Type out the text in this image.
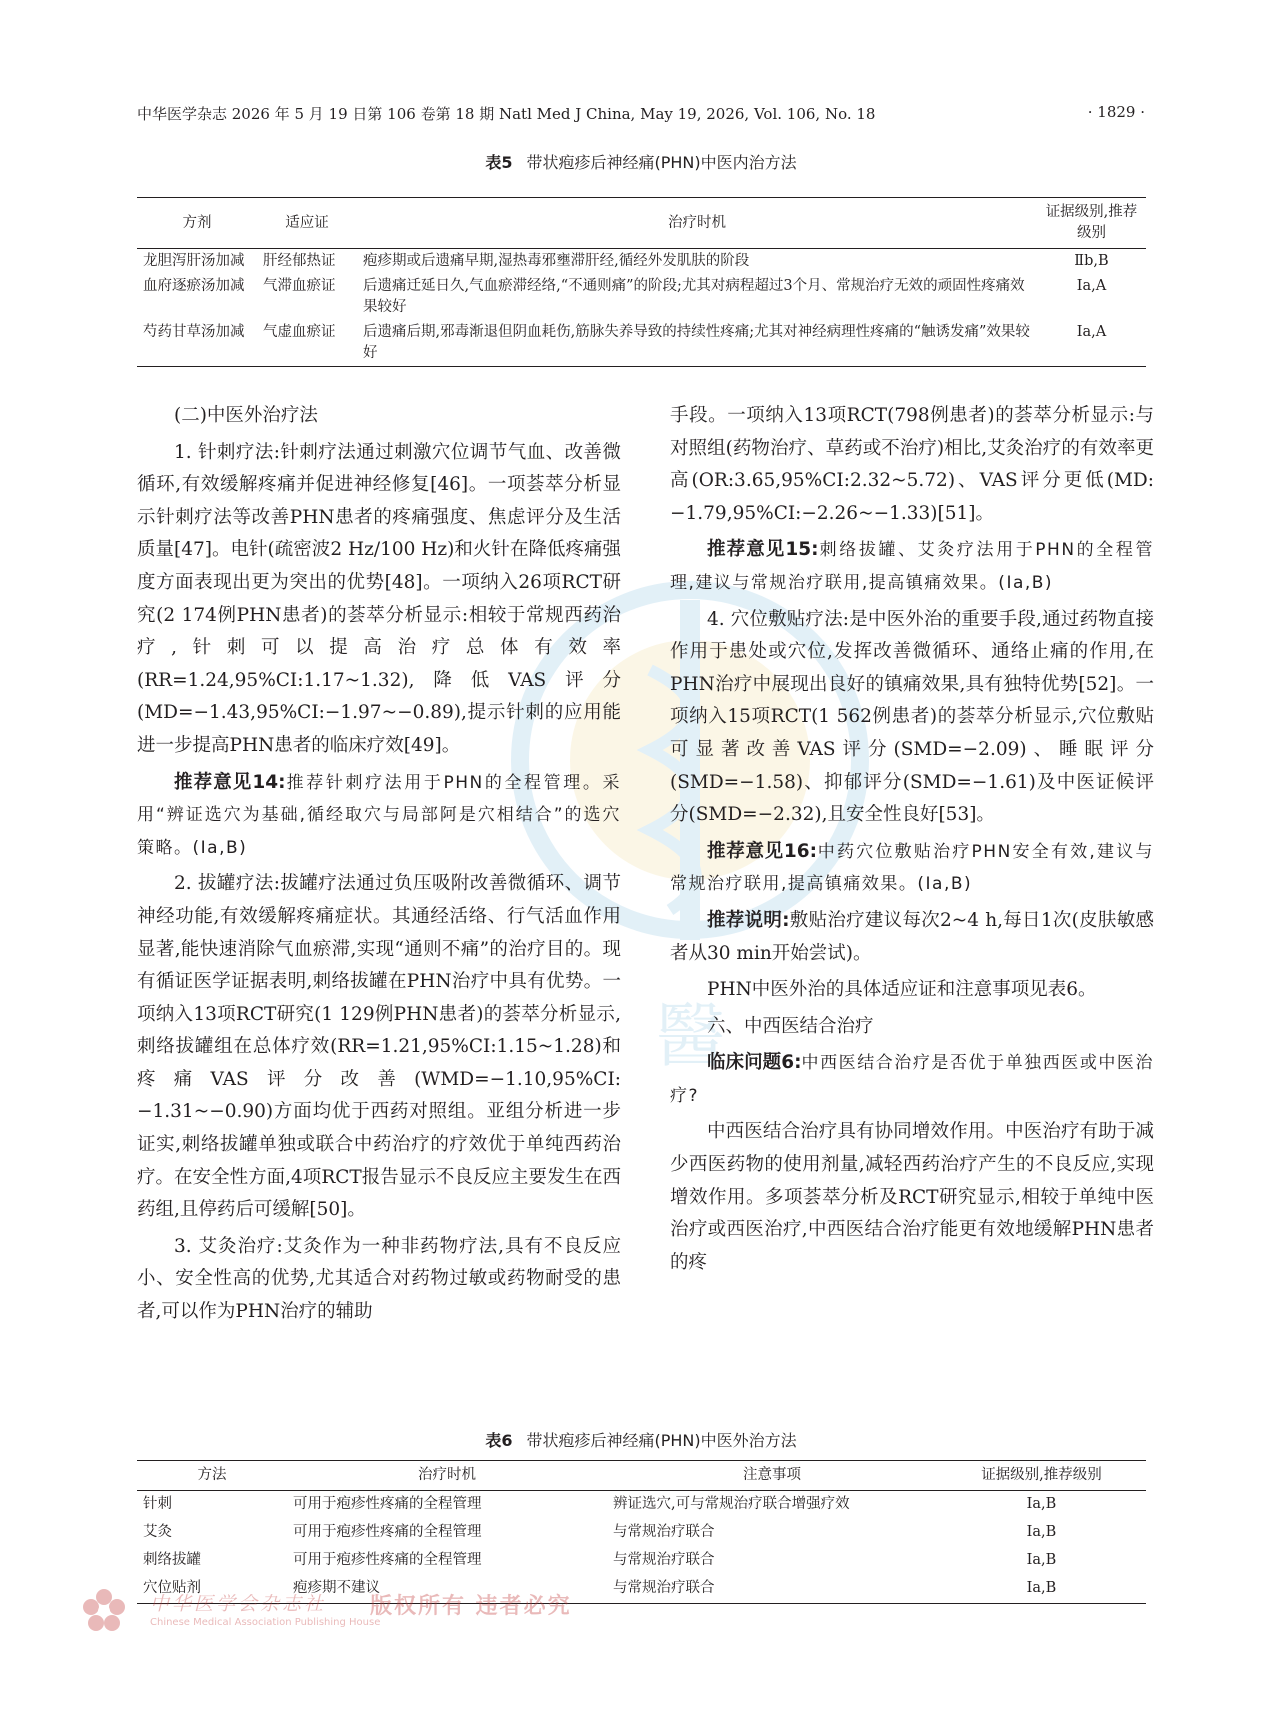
中华医学杂志 2026 年 5 月 19 日第 106 卷第 18 期 Natl Med J China, May 19, 2026, Vol. 106, No. 18	· 1829 ·
醫
表5 带状疱疹后神经痛(PHN)中医内治方法
方剂	适应证	治疗时机	证据级别,推荐级别
龙胆泻肝汤加减	肝经郁热证	疱疹期或后遗痛早期,湿热毒邪壅滞肝经,循经外发肌肤的阶段	Ⅱb,B
血府逐瘀汤加减	气滞血瘀证	后遗痛迁延日久,气血瘀滞经络,“不通则痛”的阶段;尤其对病程超过3个月、常规治疗无效的顽固性疼痛效果较好	Ⅰa,A
芍药甘草汤加减	气虚血瘀证	后遗痛后期,邪毒渐退但阴血耗伤,筋脉失养导致的持续性疼痛;尤其对神经病理性疼痛的“触诱发痛”效果较好	Ⅰa,A

(二)中医外治疗法

1. 针刺疗法:针刺疗法通过刺激穴位调节气血、改善微循环,有效缓解疼痛并促进神经修复[46]。一项荟萃分析显示针刺疗法等改善PHN患者的疼痛强度、焦虑评分及生活质量[47]。电针(疏密波2 Hz/100 Hz)和火针在降低疼痛强度方面表现出更为突出的优势[48]。一项纳入26项RCT研究(2 174例PHN患者)的荟萃分析显示:相较于常规西药治疗,针刺可以提高治疗总体有效率(RR=1.24,95%CI:1.17~1.32),降低VAS评分(MD=−1.43,95%CI:−1.97~−0.89),提示针刺的应用能进一步提高PHN患者的临床疗效[49]。

推荐意见14:推荐针刺疗法用于PHN的全程管理。采用“辨证选穴为基础,循经取穴与局部阿是穴相结合”的选穴策略。(Ⅰa,B)

2. 拔罐疗法:拔罐疗法通过负压吸附改善微循环、调节神经功能,有效缓解疼痛症状。其通经活络、行气活血作用显著,能快速消除气血瘀滞,实现“通则不痛”的治疗目的。现有循证医学证据表明,刺络拔罐在PHN治疗中具有优势。一项纳入13项RCT研究(1 129例PHN患者)的荟萃分析显示,刺络拔罐组在总体疗效(RR=1.21,95%CI:1.15~1.28)和疼痛VAS评分改善(WMD=−1.10,95%CI:−1.31~−0.90)方面均优于西药对照组。亚组分析进一步证实,刺络拔罐单独或联合中药治疗的疗效优于单纯西药治疗。在安全性方面,4项RCT报告显示不良反应主要发生在西药组,且停药后可缓解[50]。

3. 艾灸治疗:艾灸作为一种非药物疗法,具有不良反应小、安全性高的优势,尤其适合对药物过敏或药物耐受的患者,可以作为PHN治疗的辅助

手段。一项纳入13项RCT(798例患者)的荟萃分析显示:与对照组(药物治疗、草药或不治疗)相比,艾灸治疗的有效率更高(OR:3.65,95%CI:2.32~5.72)、VAS评分更低(MD:−1.79,95%CI:−2.26~−1.33)[51]。

推荐意见15:刺络拔罐、艾灸疗法用于PHN的全程管理,建议与常规治疗联用,提高镇痛效果。(Ⅰa,B)

4. 穴位敷贴疗法:是中医外治的重要手段,通过药物直接作用于患处或穴位,发挥改善微循环、通络止痛的作用,在PHN治疗中展现出良好的镇痛效果,具有独特优势[52]。一项纳入15项RCT(1 562例患者)的荟萃分析显示,穴位敷贴可显著改善VAS评分(SMD=−2.09)、睡眠评分(SMD=−1.58)、抑郁评分(SMD=−1.61)及中医证候评分(SMD=−2.32),且安全性良好[53]。

推荐意见16:中药穴位敷贴治疗PHN安全有效,建议与常规治疗联用,提高镇痛效果。(Ⅰa,B)

推荐说明:敷贴治疗建议每次2~4 h,每日1次(皮肤敏感者从30 min开始尝试)。

PHN中医外治的具体适应证和注意事项见表6。

六、中西医结合治疗

临床问题6:中西医结合治疗是否优于单独西医或中医治疗?

中西医结合治疗具有协同增效作用。中医治疗有助于减少西医药物的使用剂量,减轻西药治疗产生的不良反应,实现增效作用。多项荟萃分析及RCT研究显示,相较于单纯中医治疗或西医治疗,中西医结合治疗能更有效地缓解PHN患者的疼

表6 带状疱疹后神经痛(PHN)中医外治方法
方法	治疗时机	注意事项	证据级别,推荐级别
针刺	可用于疱疹性疼痛的全程管理	辨证选穴,可与常规治疗联合增强疗效	Ⅰa,B
艾灸	可用于疱疹性疼痛的全程管理	与常规治疗联合	Ⅰa,B
刺络拔罐	可用于疱疹性疼痛的全程管理	与常规治疗联合	Ⅰa,B
穴位贴剂	疱疹期不建议	与常规治疗联合	Ⅰa,B
中华医学会杂志社
Chinese Medical Association Publishing House
版权所有 违者必究
